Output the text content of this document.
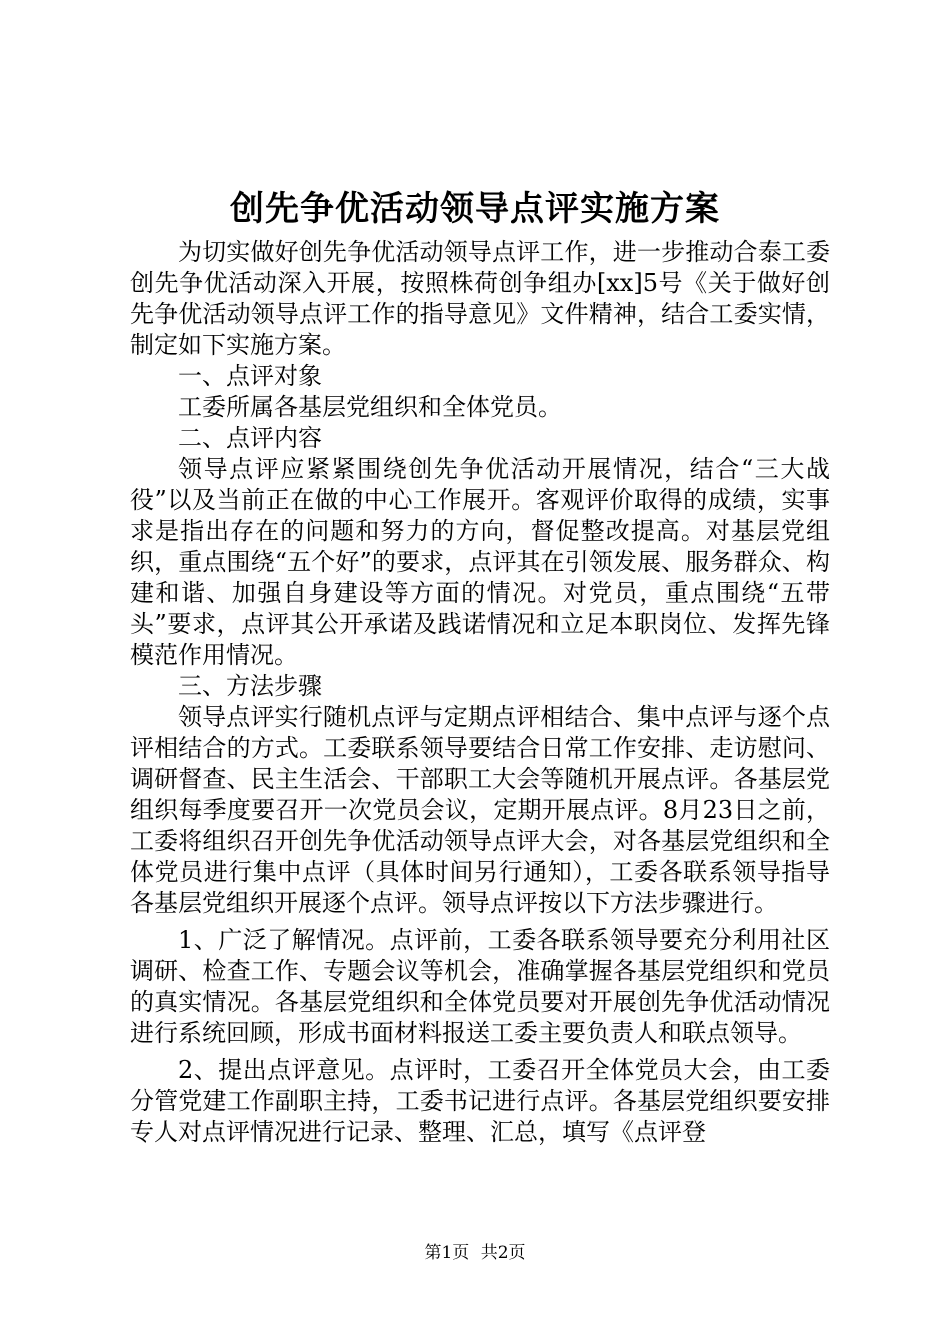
创先争优活动领导点评实施方案

为切实做好创先争优活动领导点评工作，进一步推动合泰工委创先争优活动深入开展，按照株荷创争组办[xx]5号《关于做好创先争优活动领导点评工作的指导意见》文件精神，结合工委实情，制定如下实施方案。

一、点评对象

工委所属各基层党组织和全体党员。

二、点评内容

领导点评应紧紧围绕创先争优活动开展情况，结合“三大战役”以及当前正在做的中心工作展开。客观评价取得的成绩，实事求是指出存在的问题和努力的方向，督促整改提高。对基层党组织，重点围绕“五个好”的要求，点评其在引领发展、服务群众、构建和谐、加强自身建设等方面的情况。对党员，重点围绕“五带头”要求，点评其公开承诺及践诺情况和立足本职岗位、发挥先锋模范作用情况。

三、方法步骤

领导点评实行随机点评与定期点评相结合、集中点评与逐个点评相结合的方式。工委联系领导要结合日常工作安排、走访慰问、调研督查、民主生活会、干部职工大会等随机开展点评。各基层党组织每季度要召开一次党员会议，定期开展点评。8月23日之前，工委将组织召开创先争优活动领导点评大会，对各基层党组织和全体党员进行集中点评（具体时间另行通知），工委各联系领导指导各基层党组织开展逐个点评。领导点评按以下方法步骤进行。

1、广泛了解情况。点评前，工委各联系领导要充分利用社区调研、检查工作、专题会议等机会，准确掌握各基层党组织和党员的真实情况。各基层党组织和全体党员要对开展创先争优活动情况进行系统回顾，形成书面材料报送工委主要负责人和联点领导。

2、提出点评意见。点评时，工委召开全体党员大会，由工委分管党建工作副职主持，工委书记进行点评。各基层党组织要安排专人对点评情况进行记录、整理、汇总，填写《点评登

第1页 共2页
